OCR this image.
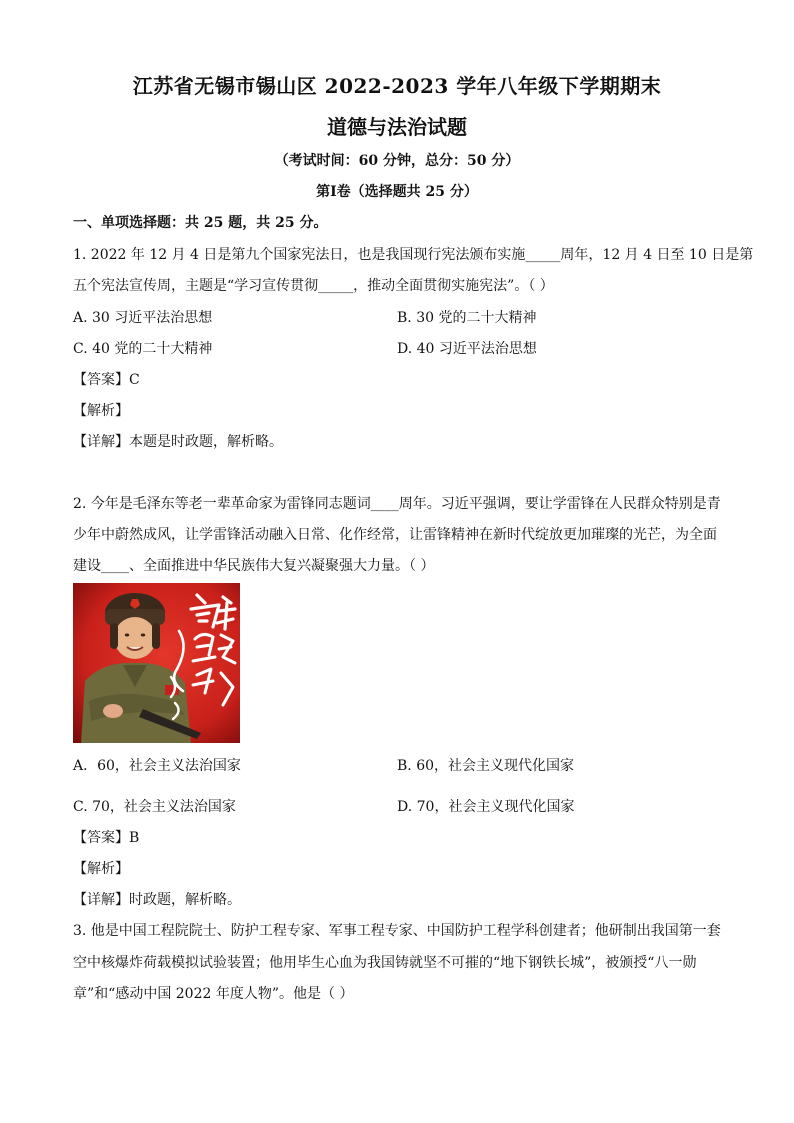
江苏省无锡市锡山区 2022-2023 学年八年级下学期期末
道德与法治试题
（考试时间：60 分钟，总分：50 分）
第Ⅰ卷（选择题共 25 分）
一、单项选择题：共 25 题，共 25 分。
1. 2022 年 12 月 4 日是第九个国家宪法日，也是我国现行宪法颁布实施_____周年，12 月 4 日至 10 日是第
五个宪法宣传周，主题是“学习宣传贯彻_____，推动全面贯彻实施宪法”。（ ）
A. 30 习近平法治思想	B. 30 党的二十大精神
C. 40 党的二十大精神	D. 40 习近平法治思想
【答案】C
【解析】
【详解】本题是时政题，解析略。
2. 今年是毛泽东等老一辈革命家为雷锋同志题词____周年。习近平强调，要让学雷锋在人民群众特别是青
少年中蔚然成风，让学雷锋活动融入日常、化作经常，让雷锋精神在新时代绽放更加璀璨的光芒，为全面
建设____、全面推进中华民族伟大复兴凝聚强大力量。（ ）
A．60，社会主义法治国家	B. 60，社会主义现代化国家
C. 70，社会主义法治国家	D. 70，社会主义现代化国家
【答案】B
【解析】
【详解】时政题，解析略。
3. 他是中国工程院院士、防护工程专家、军事工程专家、中国防护工程学科创建者；他研制出我国第一套
空中核爆炸荷载模拟试验装置；他用毕生心血为我国铸就坚不可摧的“地下钢铁长城”，被颁授“八一勋
章”和“感动中国 2022 年度人物”。他是（ ）
